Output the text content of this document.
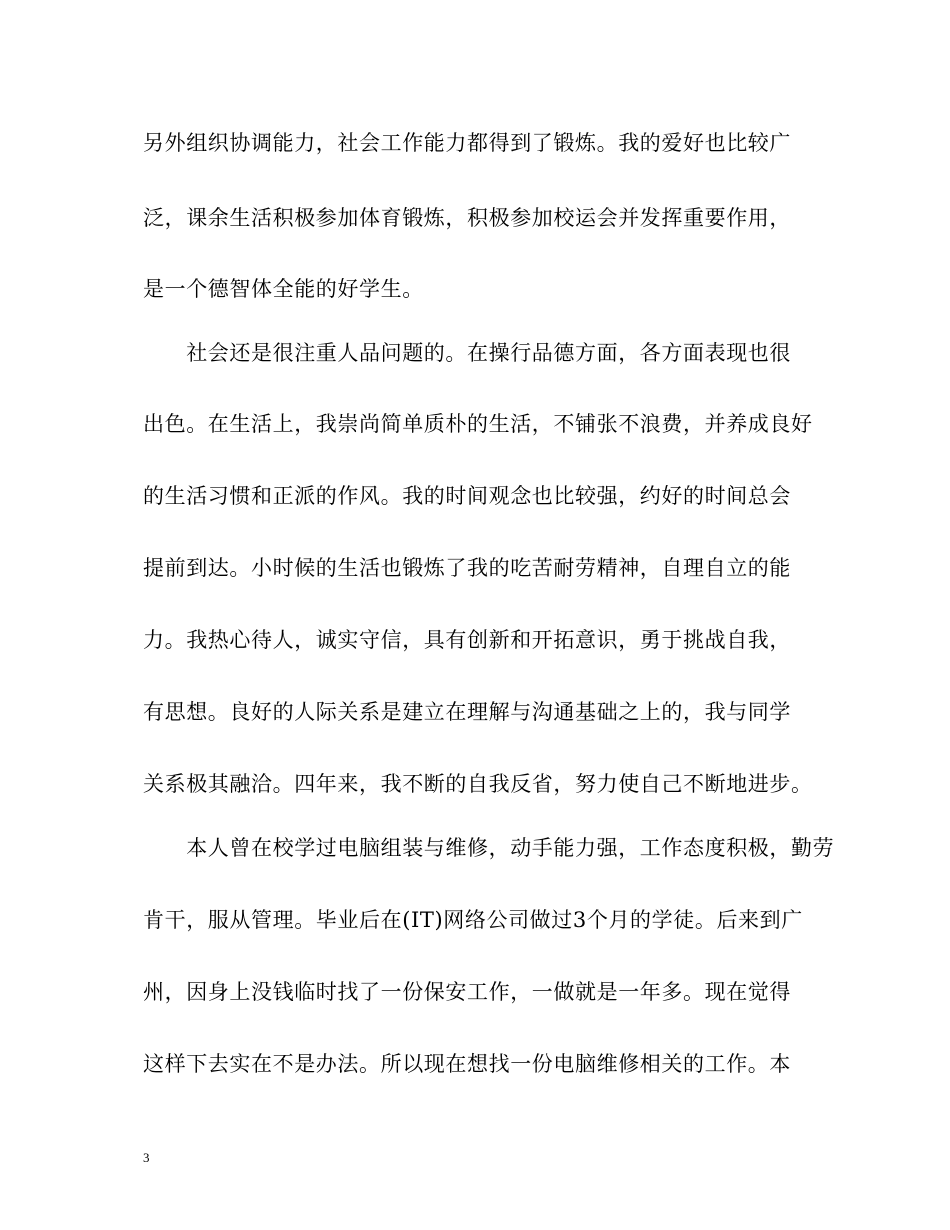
另外组织协调能力，社会工作能力都得到了锻炼。我的爱好也比较广
泛，课余生活积极参加体育锻炼，积极参加校运会并发挥重要作用，
是一个德智体全能的好学生。
　　社会还是很注重人品问题的。在操行品德方面，各方面表现也很
出色。在生活上，我崇尚简单质朴的生活，不铺张不浪费，并养成良好
的生活习惯和正派的作风。我的时间观念也比较强，约好的时间总会
提前到达。小时候的生活也锻炼了我的吃苦耐劳精神，自理自立的能
力。我热心待人，诚实守信，具有创新和开拓意识，勇于挑战自我，
有思想。良好的人际关系是建立在理解与沟通基础之上的，我与同学
关系极其融洽。四年来，我不断的自我反省，努力使自己不断地进步。
　　本人曾在校学过电脑组装与维修，动手能力强，工作态度积极，勤劳
肯干，服从管理。毕业后在(IT)网络公司做过3个月的学徒。后来到广
州，因身上没钱临时找了一份保安工作，一做就是一年多。现在觉得
这样下去实在不是办法。所以现在想找一份电脑维修相关的工作。本
3
